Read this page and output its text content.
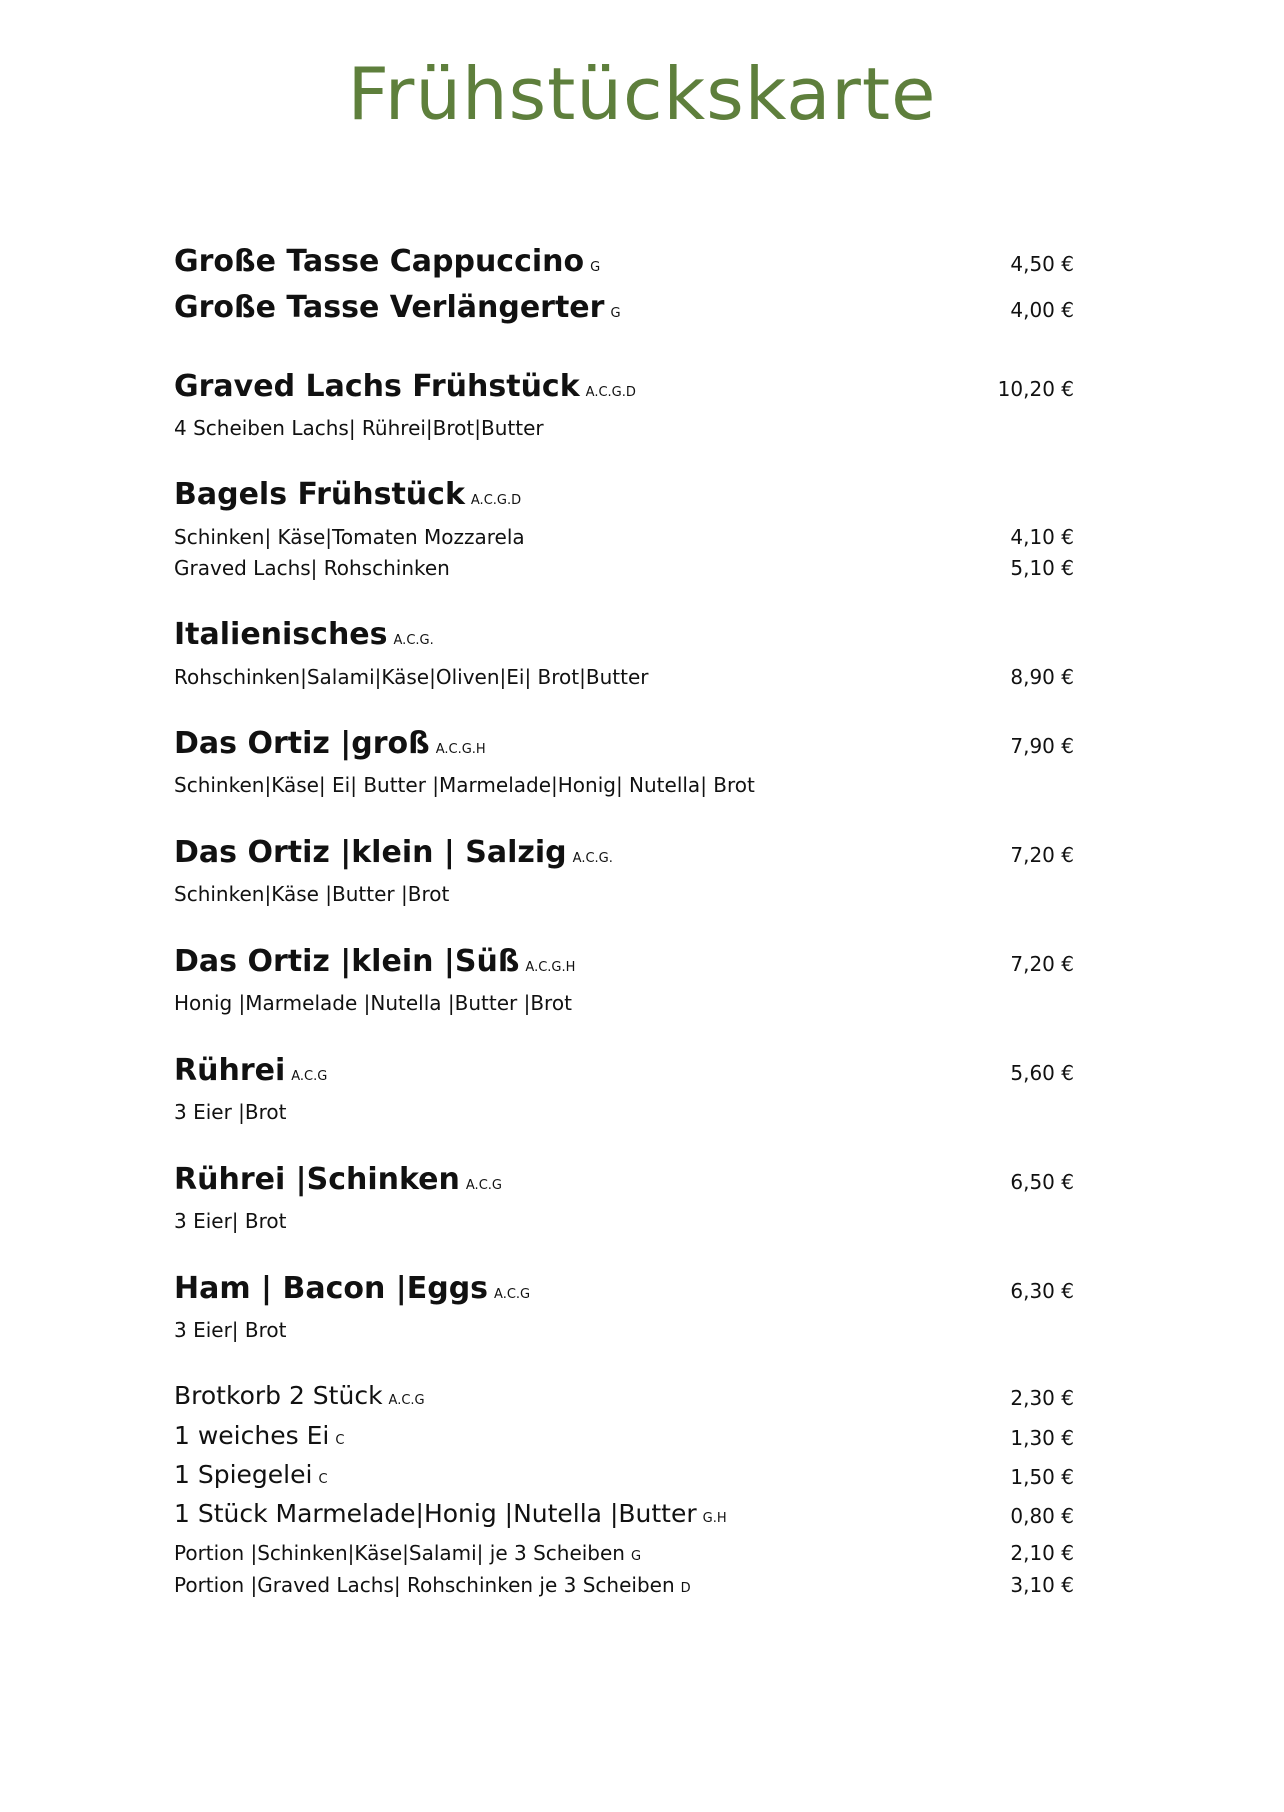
Frühstückskarte
Große Tasse Cappuccino G	4,50 €
Große Tasse Verlängerter G	4,00 €
Graved Lachs Frühstück A.C.G.D	10,20 €
4 Scheiben Lachs| Rührei|Brot|Butter
Bagels Frühstück A.C.G.D
Schinken| Käse|Tomaten Mozzarela	4,10 €
Graved Lachs| Rohschinken	5,10 €
Italienisches A.C.G.
Rohschinken|Salami|Käse|Oliven|Ei| Brot|Butter	8,90 €
Das Ortiz |groß A.C.G.H	7,90 €
Schinken|Käse| Ei| Butter |Marmelade|Honig| Nutella| Brot
Das Ortiz |klein | Salzig A.C.G.	7,20 €
Schinken|Käse |Butter |Brot
Das Ortiz |klein |Süß A.C.G.H	7,20 €
Honig |Marmelade |Nutella |Butter |Brot
Rührei A.C.G	5,60 €
3 Eier |Brot
Rührei |Schinken A.C.G	6,50 €
3 Eier| Brot
Ham | Bacon |Eggs A.C.G	6,30 €
3 Eier| Brot
Brotkorb 2 Stück A.C.G	2,30 €
1 weiches Ei C	1,30 €
1 Spiegelei C	1,50 €
1 Stück Marmelade|Honig |Nutella |Butter G.H	0,80 €
Portion |Schinken|Käse|Salami| je 3 Scheiben G	2,10 €
Portion |Graved Lachs| Rohschinken je 3 Scheiben D	3,10 €
